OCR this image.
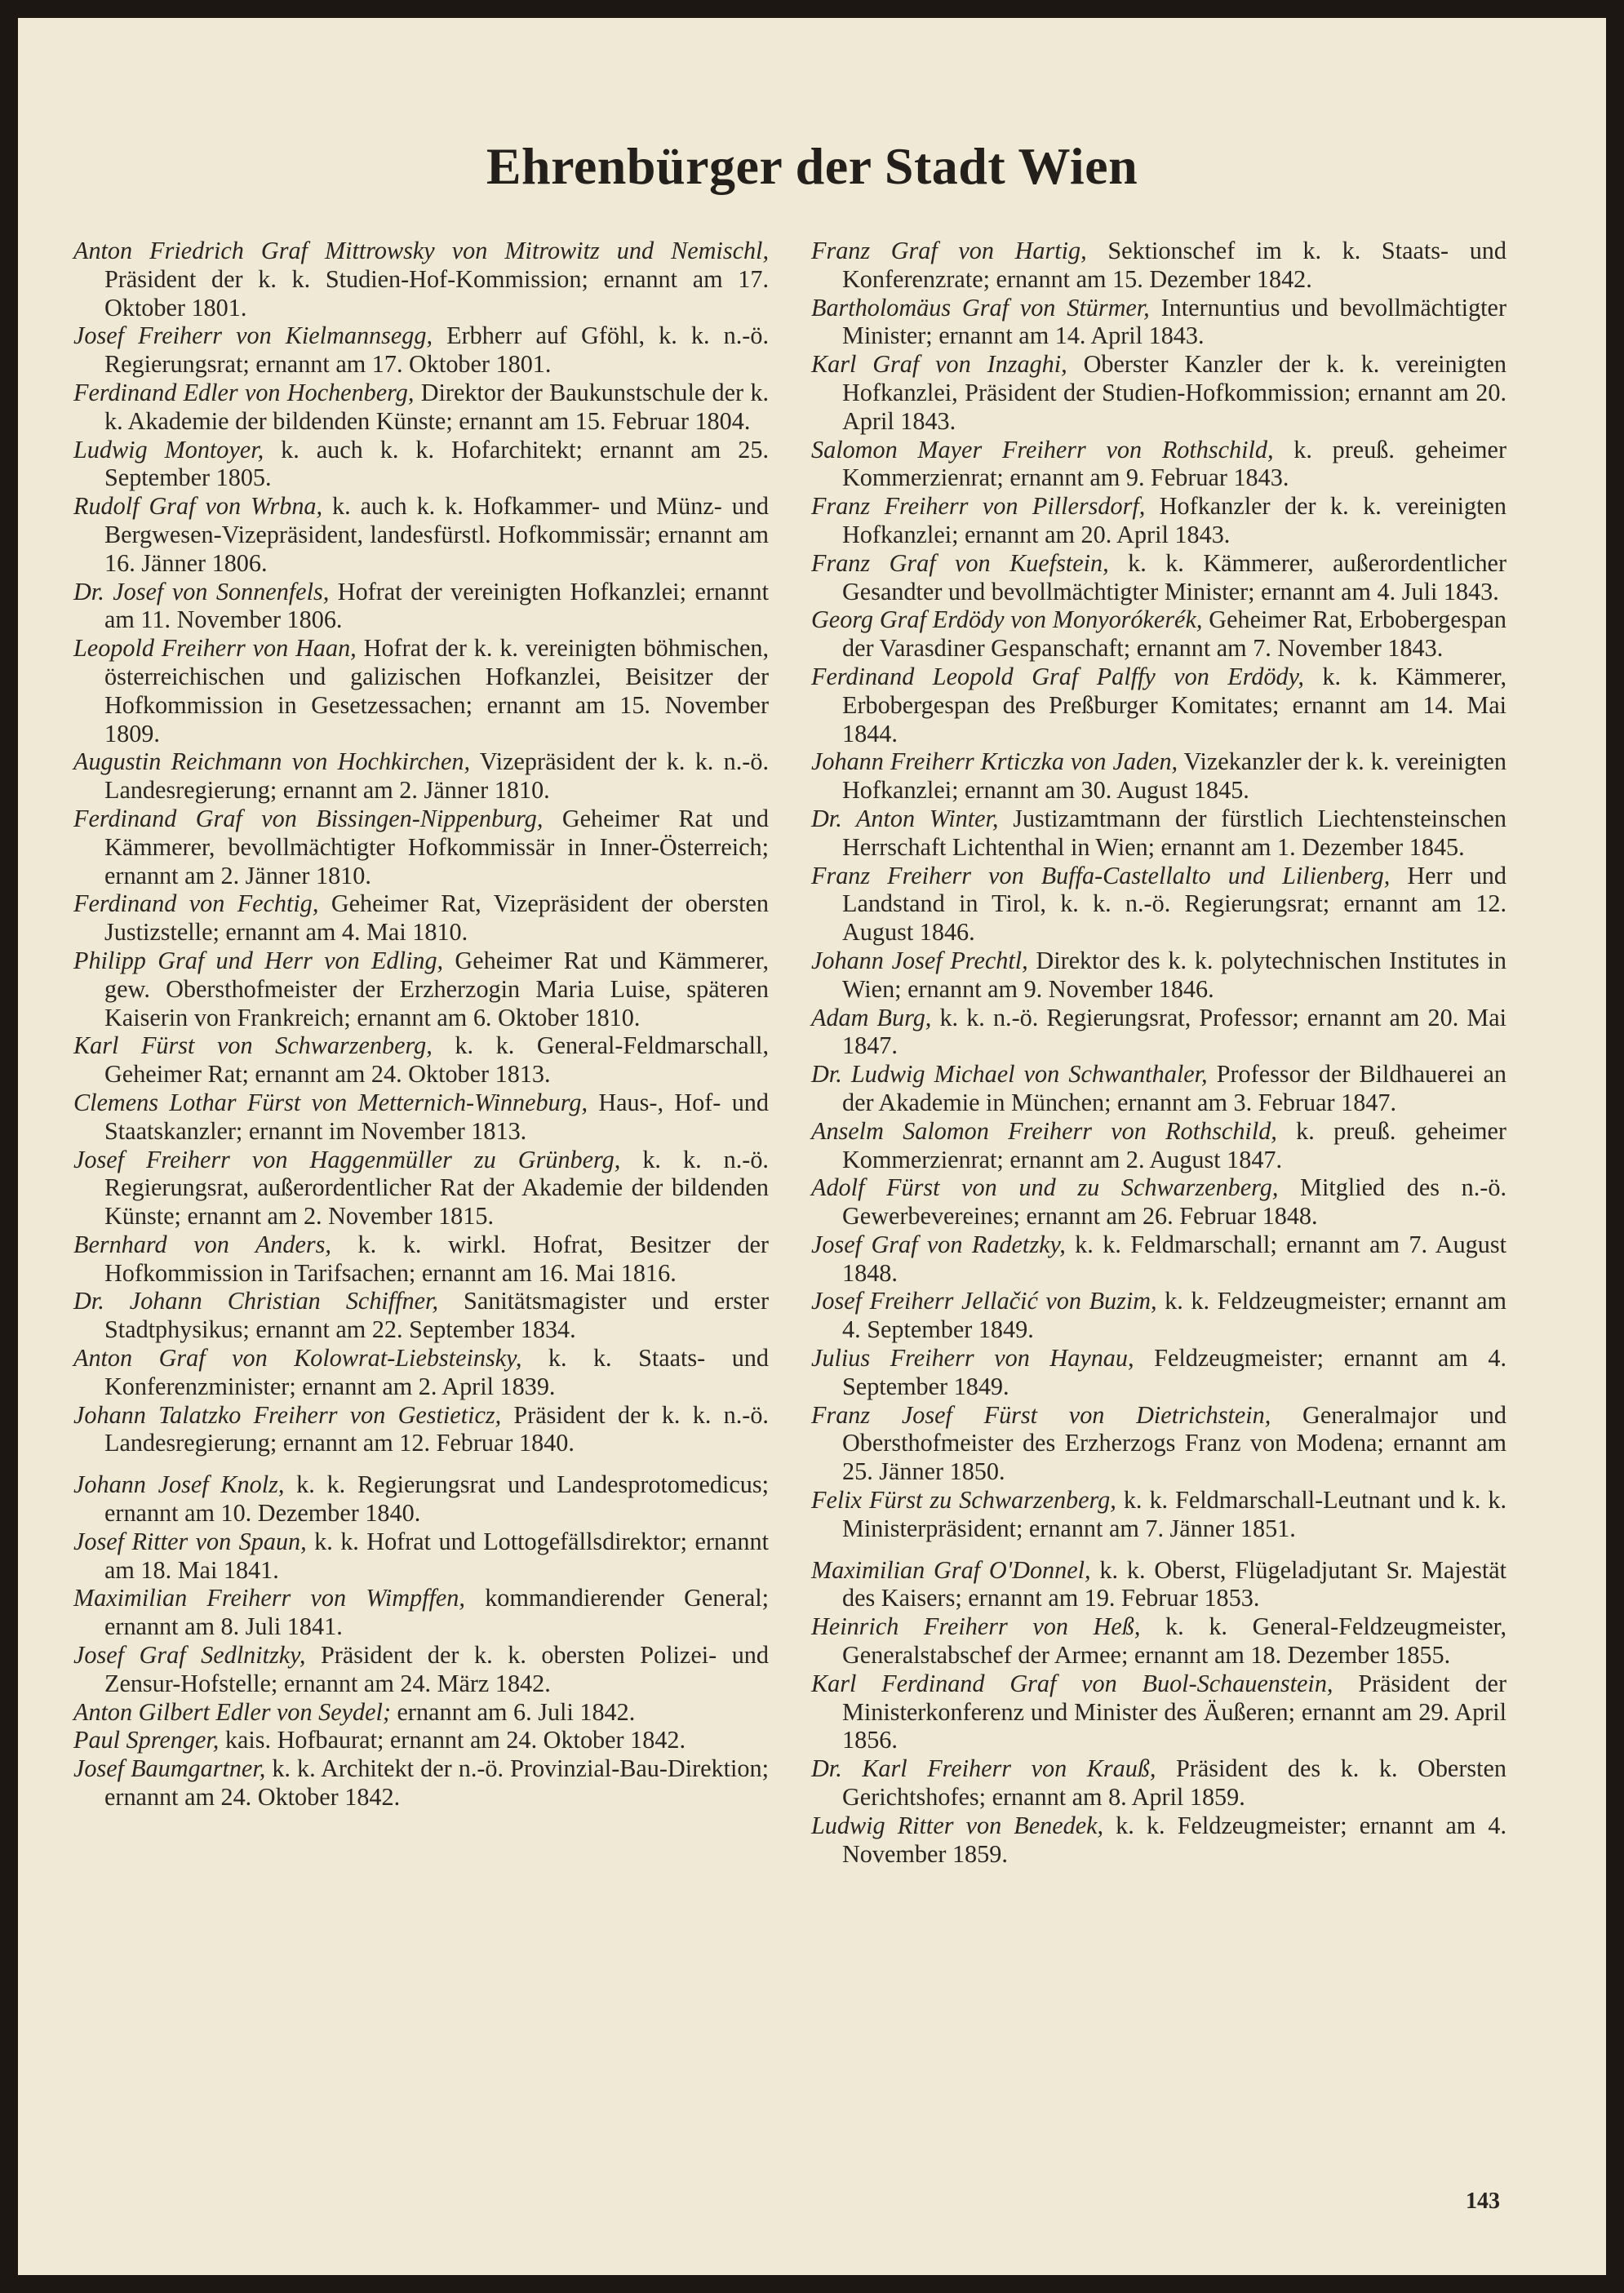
Ehrenbürger der Stadt Wien

Anton Friedrich Graf Mittrowsky von Mitrowitz und Nemischl, Präsident der k. k. Studien-Hof-Kommission; ernannt am 17. Oktober 1801.

Josef Freiherr von Kielmannsegg, Erbherr auf Gföhl, k. k. n.-ö. Regierungsrat; ernannt am 17. Oktober 1801.

Ferdinand Edler von Hochenberg, Direktor der Baukunstschule der k. k. Akademie der bildenden Künste; ernannt am 15. Februar 1804.

Ludwig Montoyer, k. auch k. k. Hofarchitekt; ernannt am 25. September 1805.

Rudolf Graf von Wrbna, k. auch k. k. Hofkammer- und Münz- und Bergwesen-Vizepräsident, landesfürstl. Hofkommissär; ernannt am 16. Jänner 1806.

Dr. Josef von Sonnenfels, Hofrat der vereinigten Hofkanzlei; ernannt am 11. November 1806.

Leopold Freiherr von Haan, Hofrat der k. k. vereinigten böhmischen, österreichischen und galizischen Hofkanzlei, Beisitzer der Hofkommission in Gesetzessachen; ernannt am 15. November 1809.

Augustin Reichmann von Hochkirchen, Vizepräsident der k. k. n.-ö. Landesregierung; ernannt am 2. Jänner 1810.

Ferdinand Graf von Bissingen-Nippenburg, Geheimer Rat und Kämmerer, bevollmächtigter Hofkommissär in Inner-Österreich; ernannt am 2. Jänner 1810.

Ferdinand von Fechtig, Geheimer Rat, Vizepräsident der obersten Justizstelle; ernannt am 4. Mai 1810.

Philipp Graf und Herr von Edling, Geheimer Rat und Kämmerer, gew. Obersthofmeister der Erzherzogin Maria Luise, späteren Kaiserin von Frankreich; ernannt am 6. Oktober 1810.

Karl Fürst von Schwarzenberg, k. k. General-Feldmarschall, Geheimer Rat; ernannt am 24. Oktober 1813.

Clemens Lothar Fürst von Metternich-Winneburg, Haus-, Hof- und Staatskanzler; ernannt im November 1813.

Josef Freiherr von Haggenmüller zu Grünberg, k. k. n.-ö. Regierungsrat, außerordentlicher Rat der Akademie der bildenden Künste; ernannt am 2. November 1815.

Bernhard von Anders, k. k. wirkl. Hofrat, Besitzer der Hofkommission in Tarifsachen; ernannt am 16. Mai 1816.

Dr. Johann Christian Schiffner, Sanitätsmagister und erster Stadtphysikus; ernannt am 22. September 1834.

Anton Graf von Kolowrat-Liebsteinsky, k. k. Staats- und Konferenzminister; ernannt am 2. April 1839.

Johann Talatzko Freiherr von Gestieticz, Präsident der k. k. n.-ö. Landesregierung; ernannt am 12. Februar 1840.

Johann Josef Knolz, k. k. Regierungsrat und Landesprotomedicus; ernannt am 10. Dezember 1840.

Josef Ritter von Spaun, k. k. Hofrat und Lottogefällsdirektor; ernannt am 18. Mai 1841.

Maximilian Freiherr von Wimpffen, kommandierender General; ernannt am 8. Juli 1841.

Josef Graf Sedlnitzky, Präsident der k. k. obersten Polizei- und Zensur-Hofstelle; ernannt am 24. März 1842.

Anton Gilbert Edler von Seydel; ernannt am 6. Juli 1842.

Paul Sprenger, kais. Hofbaurat; ernannt am 24. Oktober 1842.

Josef Baumgartner, k. k. Architekt der n.-ö. Provinzial-Bau-Direktion; ernannt am 24. Oktober 1842.

Franz Graf von Hartig, Sektionschef im k. k. Staats- und Konferenzrate; ernannt am 15. Dezember 1842.

Bartholomäus Graf von Stürmer, Internuntius und bevollmächtigter Minister; ernannt am 14. April 1843.

Karl Graf von Inzaghi, Oberster Kanzler der k. k. vereinigten Hofkanzlei, Präsident der Studien-Hofkommission; ernannt am 20. April 1843.

Salomon Mayer Freiherr von Rothschild, k. preuß. geheimer Kommerzienrat; ernannt am 9. Februar 1843.

Franz Freiherr von Pillersdorf, Hofkanzler der k. k. vereinigten Hofkanzlei; ernannt am 20. April 1843.

Franz Graf von Kuefstein, k. k. Kämmerer, außerordentlicher Gesandter und bevollmächtigter Minister; ernannt am 4. Juli 1843.

Georg Graf Erdödy von Monyorókerék, Geheimer Rat, Erbobergespan der Varasdiner Gespanschaft; ernannt am 7. November 1843.

Ferdinand Leopold Graf Palffy von Erdödy, k. k. Kämmerer, Erbobergespan des Preßburger Komitates; ernannt am 14. Mai 1844.

Johann Freiherr Krticzka von Jaden, Vizekanzler der k. k. vereinigten Hofkanzlei; ernannt am 30. August 1845.

Dr. Anton Winter, Justizamtmann der fürstlich Liechtensteinschen Herrschaft Lichtenthal in Wien; ernannt am 1. Dezember 1845.

Franz Freiherr von Buffa-Castellalto und Lilienberg, Herr und Landstand in Tirol, k. k. n.-ö. Regierungsrat; ernannt am 12. August 1846.

Johann Josef Prechtl, Direktor des k. k. polytechnischen Institutes in Wien; ernannt am 9. November 1846.

Adam Burg, k. k. n.-ö. Regierungsrat, Professor; ernannt am 20. Mai 1847.

Dr. Ludwig Michael von Schwanthaler, Professor der Bildhauerei an der Akademie in München; ernannt am 3. Februar 1847.

Anselm Salomon Freiherr von Rothschild, k. preuß. geheimer Kommerzienrat; ernannt am 2. August 1847.

Adolf Fürst von und zu Schwarzenberg, Mitglied des n.-ö. Gewerbevereines; ernannt am 26. Februar 1848.

Josef Graf von Radetzky, k. k. Feldmarschall; ernannt am 7. August 1848.

Josef Freiherr Jellačić von Buzim, k. k. Feldzeugmeister; ernannt am 4. September 1849.

Julius Freiherr von Haynau, Feldzeugmeister; ernannt am 4. September 1849.

Franz Josef Fürst von Dietrichstein, Generalmajor und Obersthofmeister des Erzherzogs Franz von Modena; ernannt am 25. Jänner 1850.

Felix Fürst zu Schwarzenberg, k. k. Feldmarschall-Leutnant und k. k. Ministerpräsident; ernannt am 7. Jänner 1851.

Maximilian Graf O'Donnel, k. k. Oberst, Flügeladjutant Sr. Majestät des Kaisers; ernannt am 19. Februar 1853.

Heinrich Freiherr von Heß, k. k. General-Feldzeugmeister, Generalstabschef der Armee; ernannt am 18. Dezember 1855.

Karl Ferdinand Graf von Buol-Schauenstein, Präsident der Ministerkonferenz und Minister des Äußeren; ernannt am 29. April 1856.

Dr. Karl Freiherr von Krauß, Präsident des k. k. Obersten Gerichtshofes; ernannt am 8. April 1859.

Ludwig Ritter von Benedek, k. k. Feldzeugmeister; ernannt am 4. November 1859.

143
